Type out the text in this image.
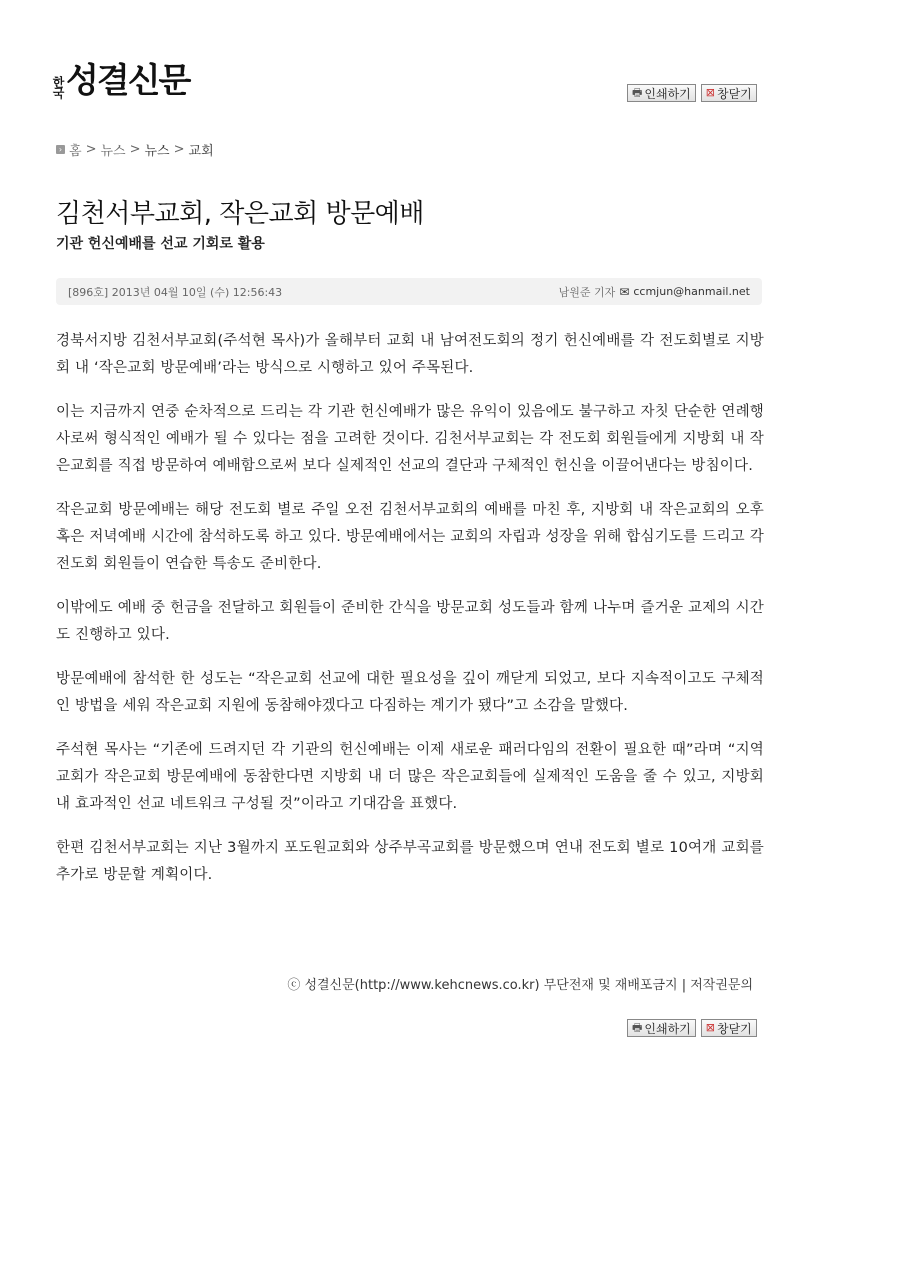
한국 성결신문	🖶 인쇄하기 ⊠ 창닫기
› 홈 > 뉴스 > 뉴스 > 교회
김천서부교회, 작은교회 방문예배
기관 헌신예배를 선교 기회로 활용
[896호] 2013년 04월 10일 (수) 12:56:43	남원준 기자 ✉ ccmjun@hanmail.net

경북서지방 김천서부교회(주석현 목사)가 올해부터 교회 내 남여전도회의 정기 헌신예배를 각 전도회별로 지방회 내 ‘작은교회 방문예배’라는 방식으로 시행하고 있어 주목된다.

이는 지금까지 연중 순차적으로 드리는 각 기관 헌신예배가 많은 유익이 있음에도 불구하고 자칫 단순한 연례행사로써 형식적인 예배가 될 수 있다는 점을 고려한 것이다. 김천서부교회는 각 전도회 회원들에게 지방회 내 작은교회를 직접 방문하여 예배함으로써 보다 실제적인 선교의 결단과 구체적인 헌신을 이끌어낸다는 방침이다.

작은교회 방문예배는 해당 전도회 별로 주일 오전 김천서부교회의 예배를 마친 후, 지방회 내 작은교회의 오후 혹은 저녁예배 시간에 참석하도록 하고 있다. 방문예배에서는 교회의 자립과 성장을 위해 합심기도를 드리고 각 전도회 회원들이 연습한 특송도 준비한다.

이밖에도 예배 중 헌금을 전달하고 회원들이 준비한 간식을 방문교회 성도들과 함께 나누며 즐거운 교제의 시간도 진행하고 있다.

방문예배에 참석한 한 성도는 “작은교회 선교에 대한 필요성을 깊이 깨닫게 되었고, 보다 지속적이고도 구체적인 방법을 세워 작은교회 지원에 동참해야겠다고 다짐하는 계기가 됐다”고 소감을 말했다.

주석현 목사는 “기존에 드려지던 각 기관의 헌신예배는 이제 새로운 패러다임의 전환이 필요한 때”라며 “지역교회가 작은교회 방문예배에 동참한다면 지방회 내 더 많은 작은교회들에 실제적인 도움을 줄 수 있고, 지방회 내 효과적인 선교 네트워크 구성될 것”이라고 기대감을 표했다.

한편 김천서부교회는 지난 3월까지 포도원교회와 상주부곡교회를 방문했으며 연내 전도회 별로 10여개 교회를 추가로 방문할 계획이다.

ⓒ 성결신문(http://www.kehcnews.co.kr) 무단전재 및 재배포금지 | 저작권문의
🖶 인쇄하기 ⊠ 창닫기
